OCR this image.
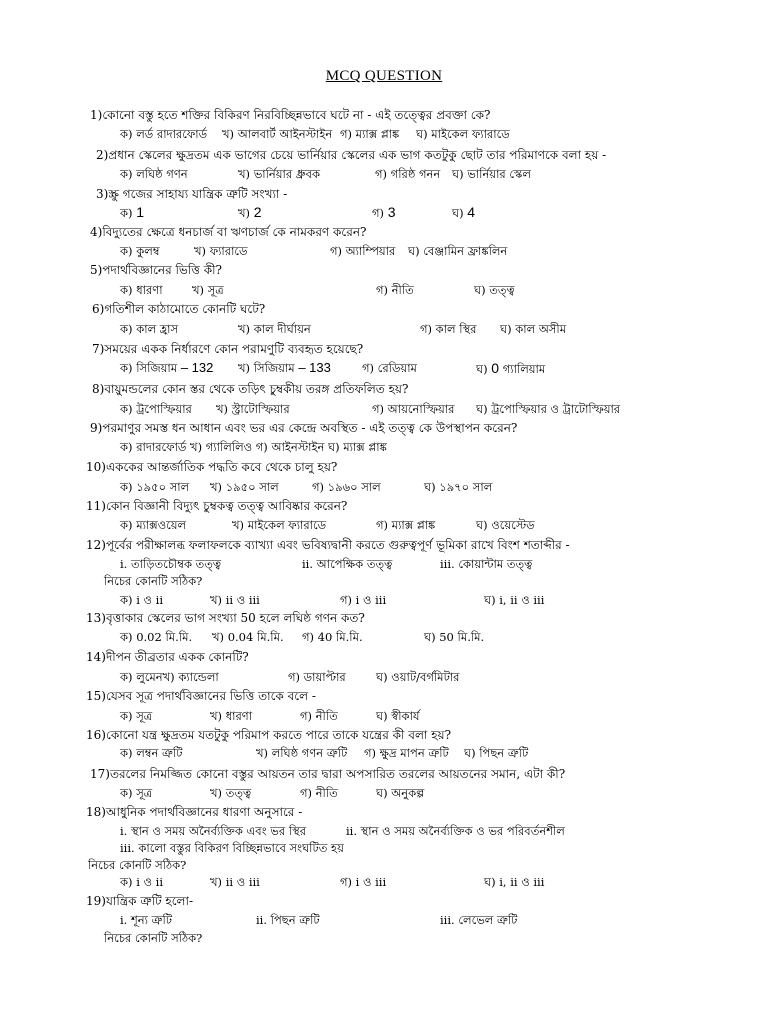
MCQ QUESTION
1)কোনো বস্তু হতে শক্তির বিকিরণ নিরবিচ্ছিন্নভাবে ঘটে না - এই তত্ত্বের প্রবক্তা কে?
ক) লর্ড রাদারফোর্ড খ) আলবার্ট আইনস্টাইন গ) ম্যাক্স প্লাঙ্ক ঘ) মাইকেল ফ্যারাডে
2)প্রধান স্কেলের ক্ষুদ্রতম এক ভাগের চেয়ে ভার্নিয়ার স্কেলের এক ভাগ কতটুকু ছোট তার পরিমাণকে বলা হয় -
ক) লঘিষ্ঠ গণন	খ) ভার্নিয়ার ধ্রুবক	গ) গরিষ্ঠ গনন ঘ) ভার্নিয়ার স্কেল
3)স্ক্রু গজের সাহায্য যান্ত্রিক ত্রুটি সংখ্যা -
ক) 1	খ) 2	গ) 3	ঘ) 4
4)বিদ্যুতের ক্ষেত্রে ধনচার্জ বা ঋণচার্জ কে নামকরণ করেন?
ক) কুলম্ব	খ) ফ্যারাডে	গ) অ্যাম্পিয়ার ঘ) বেঞ্জামিন ফ্রাঙ্কলিন
5)পদার্থবিজ্ঞানের ভিত্তি কী?
ক) ধারণা	খ) সূত্র	গ) নীতি	ঘ) তত্ত্ব
6)গতিশীল কাঠামোতে কোনটি ঘটে?
ক) কাল হ্রাস	খ) কাল দীর্ঘায়ন	গ) কাল স্থির ঘ) কাল অসীম
7)সময়ের একক নির্ধারণে কোন পরামণুটি ব্যবহৃত হয়েছে?
ক) সিজিয়াম – 132 খ) সিজিয়াম – 133	গ) রেডিয়াম	ঘ) 0 গ্যালিয়াম
8)বায়ুমন্ডলের কোন স্তর থেকে তড়িৎ চুম্বকীয় তরঙ্গ প্রতিফলিত হয়?
ক) ট্রপোস্ফিয়ার খ) স্ট্রাটোস্ফিয়ার	গ) আয়নোস্ফিয়ার ঘ) ট্রপোস্ফিয়ার ও ট্রাটোস্ফিয়ার
9)পরমাণুর সমস্ত ধন আধান এবং ভর এর কেন্দ্রে অবস্থিত - এই তত্ত্ব কে উপস্থাপন করেন?
ক) রাদারফোর্ড খ) গ্যালিলিও গ) আইনস্টাইন ঘ) ম্যাক্স প্লাঙ্ক
10)এককের আন্তর্জাতিক পদ্ধতি কবে থেকে চালু হয়?
ক) ১৯৫০ সাল খ) ১৯৫০ সাল	গ) ১৯৬০ সাল	ঘ) ১৯৭০ সাল
11)কোন বিজ্ঞানী বিদ্যুৎ চুম্বকত্ব তত্ত্ব আবিষ্কার করেন?
ক) ম্যাক্সওয়েল	খ) মাইকেল ফ্যারাডে	গ) ম্যাক্স প্লাঙ্ক	ঘ) ওয়েস্টেড
12)পূর্বের পরীক্ষালব্ধ ফলাফলকে ব্যাখ্যা এবং ভবিষ্যদ্বানী করতে গুরুত্বপূর্ণ ভূমিকা রাখে বিংশ শতাব্দীর -
i. তাড়িতচৌম্বক তত্ত্ব	ii. আপেক্ষিক তত্ত্ব	iii. কোয়ান্টাম তত্ত্ব
নিচের কোনটি সঠিক?
ক) i ও ii	খ) ii ও iii	গ) i ও iii	ঘ) i, ii ও iii
13)বৃত্তাকার স্কেলের ভাগ সংখ্যা 50 হলে লঘিষ্ঠ গণন কত?
ক) 0.02 মি.মি. খ) 0.04 মি.মি. গ) 40 মি.মি.	ঘ) 50 মি.মি.
14)দীপন তীব্রতার একক কোনটি?
ক) লুমেনখ) ক্যান্ডেলা	গ) ডায়াপ্টার	ঘ) ওয়াট/বর্গমিটার
15)যেসব সূত্র পদার্থবিজ্ঞানের ভিত্তি তাকে বলে -
ক) সূত্র	খ) ধারণা	গ) নীতি	ঘ) স্বীকার্য
16)কোনো যন্ত্র ক্ষুদ্রতম যতটুকু পরিমাপ করতে পারে তাকে যন্ত্রের কী বলা হয়?
ক) লম্বন ত্রুটি	খ) লঘিষ্ঠ গণন ত্রুটি গ) ক্ষুদ্র মাপন ত্রুটি ঘ) পিছন ত্রুটি
17)তরলের নিমজ্জিত কোনো বস্তুর আয়তন তার দ্বারা অপসারিত তরলের আয়তনের সমান, এটা কী?
ক) সূত্র	খ) তত্ত্ব	গ) নীতি	ঘ) অনুকল্প
18)আধুনিক পদার্থবিজ্ঞানের ধারণা অনুসারে -
i. স্থান ও সময় অনৈর্ব্যক্তিক এবং ভর স্থির	ii. স্থান ও সময় অনৈর্ব্যক্তিক ও ভর পরিবর্তনশীল
iii. কালো বস্তুর বিকিরণ বিচ্ছিন্নভাবে সংঘটিত হয়
নিচের কোনটি সঠিক?
ক) i ও ii	খ) ii ও iii	গ) i ও iii	ঘ) i, ii ও iii
19)যান্ত্রিক ত্রুটি হলো-
i. শূন্য ত্রুটি	ii. পিছন ত্রুটি	iii. লেভেল ত্রুটি
নিচের কোনটি সঠিক?
